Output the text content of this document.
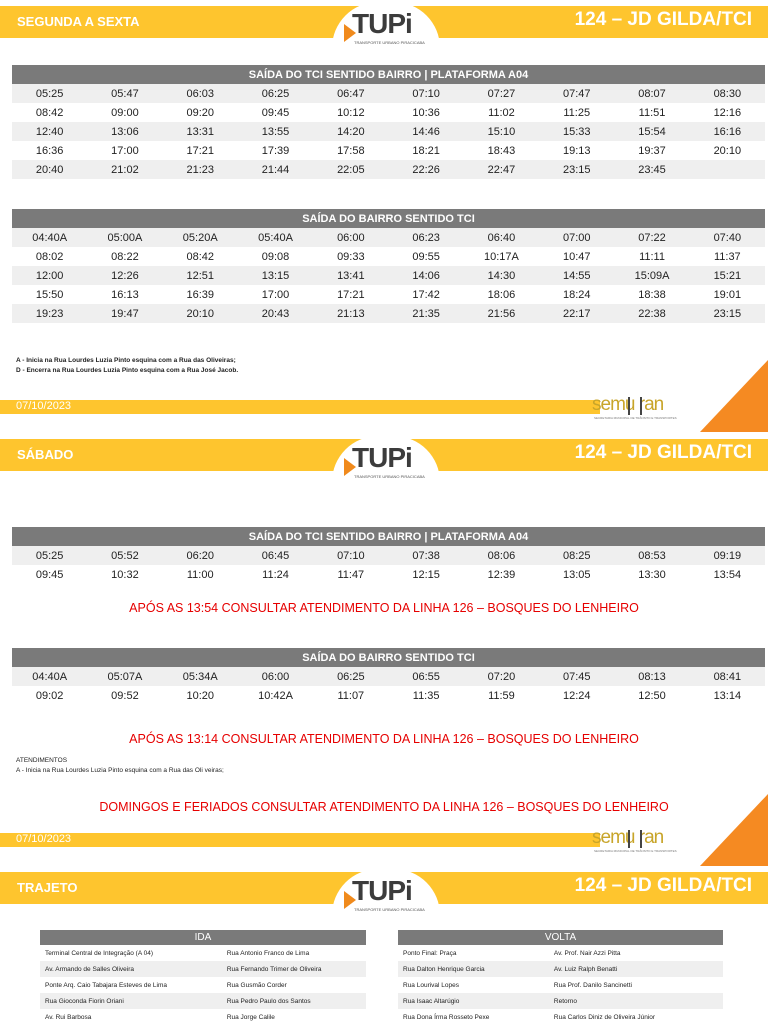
SEGUNDA A SEXTA	124 – JD GILDA/TCI
TUPi
TRANSPORTE URBANO PIRACICABA
SAÍDA DO TCI SENTIDO BAIRRO | PLATAFORMA A04									
05:25	05:47	06:03	06:25	06:47	07:10	07:27	07:47	08:07	08:30
08:42	09:00	09:20	09:45	10:12	10:36	11:02	11:25	11:51	12:16
12:40	13:06	13:31	13:55	14:20	14:46	15:10	15:33	15:54	16:16
16:36	17:00	17:21	17:39	17:58	18:21	18:43	19:13	19:37	20:10
20:40	21:02	21:23	21:44	22:05	22:26	22:47	23:15	23:45	
SAÍDA DO BAIRRO SENTIDO TCI									
04:40A	05:00A	05:20A	05:40A	06:00	06:23	06:40	07:00	07:22	07:40
08:02	08:22	08:42	09:08	09:33	09:55	10:17A	10:47	11:11	11:37
12:00	12:26	12:51	13:15	13:41	14:06	14:30	14:55	15:09A	15:21
15:50	16:13	16:39	17:00	17:21	17:42	18:06	18:24	18:38	19:01
19:23	19:47	20:10	20:43	21:13	21:35	21:56	22:17	22:38	23:15
A - Inicia na Rua Lourdes Luzia Pinto esquina com a Rua das Oliveiras;
D - Encerra na Rua Lourdes Luzia Pinto esquina com a Rua José Jacob.
07/10/2023	semu ran
SECRETARIA MUNICIPAL DE TRÂNSITO E TRANSPORTES
SÁBADO	124 – JD GILDA/TCI
TUPi
TRANSPORTE URBANO PIRACICABA
SAÍDA DO TCI SENTIDO BAIRRO | PLATAFORMA A04									
05:25	05:52	06:20	06:45	07:10	07:38	08:06	08:25	08:53	09:19
09:45	10:32	11:00	11:24	11:47	12:15	12:39	13:05	13:30	13:54
APÓS AS 13:54 CONSULTAR ATENDIMENTO DA LINHA 126 – BOSQUES DO LENHEIRO
SAÍDA DO BAIRRO SENTIDO TCI									
04:40A	05:07A	05:34A	06:00	06:25	06:55	07:20	07:45	08:13	08:41
09:02	09:52	10:20	10:42A	11:07	11:35	11:59	12:24	12:50	13:14
APÓS AS 13:14 CONSULTAR ATENDIMENTO DA LINHA 126 – BOSQUES DO LENHEIRO
ATENDIMENTOS
A - Inicia na Rua Lourdes Luzia Pinto esquina com a Rua das Oli veiras;
DOMINGOS E FERIADOS CONSULTAR ATENDIMENTO DA LINHA 126 – BOSQUES DO LENHEIRO
07/10/2023	semu ran
SECRETARIA MUNICIPAL DE TRÂNSITO E TRANSPORTES
TRAJETO	124 – JD GILDA/TCI
TUPi
TRANSPORTE URBANO PIRACICABA
IDA	
Terminal Central de Integração (A 04)	Rua Antonio Franco de Lima
Av. Armando de Salles Oliveira	Rua Fernando Trimer de Oliveira
Ponte Arq. Caio Tabajara Esteves de Lima	Rua Gusmão Corder
Rua Gioconda Fiorin Oriani	Rua Pedro Paulo dos Santos
Av. Rui Barbosa	Rua Jorge Calile
VOLTA	
Ponto Final: Praça	Av. Prof. Nair Azzi Pitta
Rua Dalton Henrique Garcia	Av. Luiz Ralph Benatti
Rua Lourival Lopes	Rua Prof. Danilo Sancinetti
Rua Isaac Altarúgio	Retorno
Rua Dona Írma Rosseto Pexe	Rua Carlos Diniz de Oliveira Júnior
